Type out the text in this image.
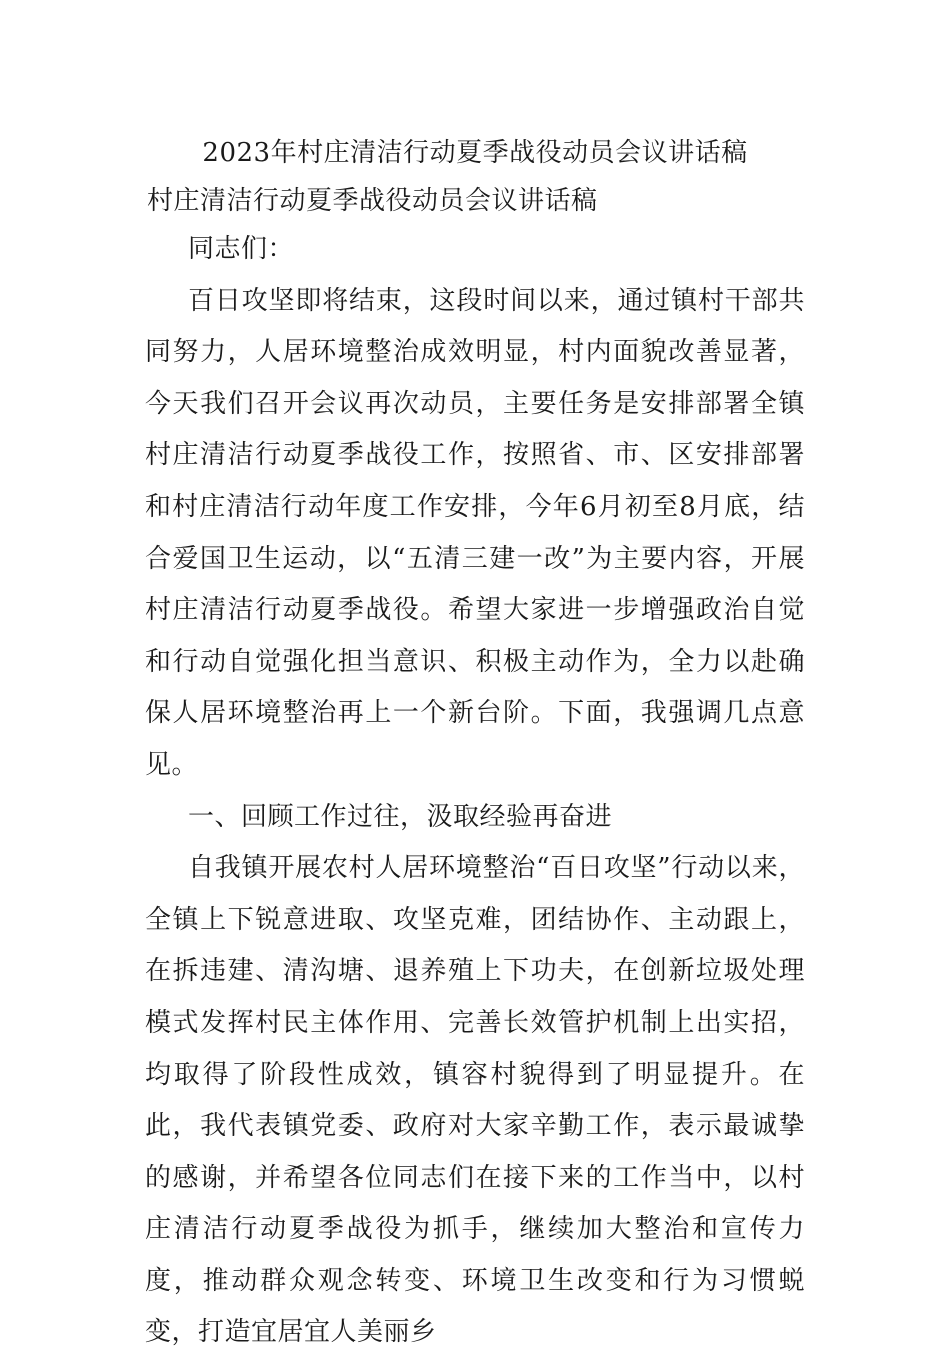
2023年村庄清洁行动夏季战役动员会议讲话稿
村庄清洁行动夏季战役动员会议讲话稿

同志们：

百日攻坚即将结束，这段时间以来，通过镇村干部共同努力，人居环境整治成效明显，村内面貌改善显著，今天我们召开会议再次动员，主要任务是安排部署全镇村庄清洁行动夏季战役工作，按照省、市、区安排部署和村庄清洁行动年度工作安排，今年6月初至8月底，结合爱国卫生运动，以“五清三建一改”为主要内容，开展村庄清洁行动夏季战役。希望大家进一步增强政治自觉和行动自觉强化担当意识、积极主动作为，全力以赴确保人居环境整治再上一个新台阶。下面，我强调几点意见。

一、回顾工作过往，汲取经验再奋进

自我镇开展农村人居环境整治“百日攻坚”行动以来，全镇上下锐意进取、攻坚克难，团结协作、主动跟上，在拆违建、清沟塘、退养殖上下功夫，在创新垃圾处理模式发挥村民主体作用、完善长效管护机制上出实招，均取得了阶段性成效，镇容村貌得到了明显提升。在此，我代表镇党委、政府对大家辛勤工作，表示最诚挚的感谢，并希望各位同志们在接下来的工作当中，以村庄清洁行动夏季战役为抓手，继续加大整治和宣传力度，推动群众观念转变、环境卫生改变和行为习惯蜕变，打造宜居宜人美丽乡
